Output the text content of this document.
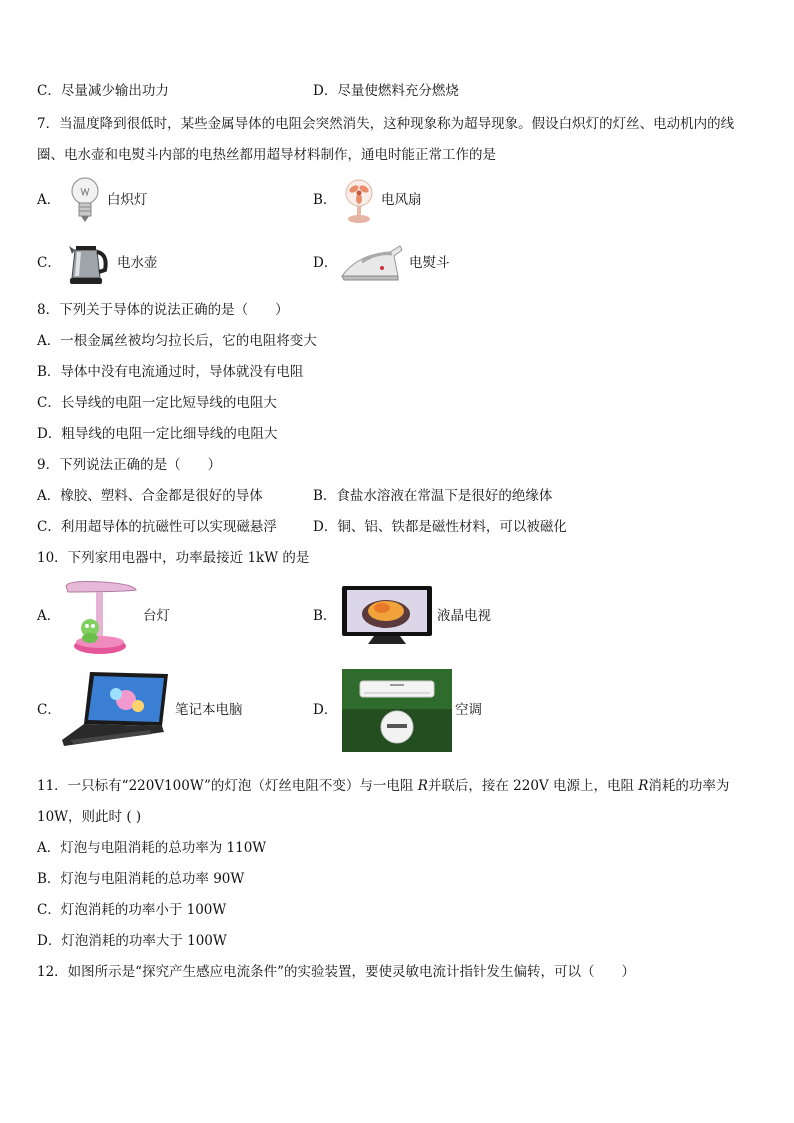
C．尽量减少输出功力	D．尽量使燃料充分燃烧
7．当温度降到很低时，某些金属导体的电阻会突然消失，这种现象称为超导现象。假设白炽灯的灯丝、电动机内的线
圈、电水壶和电熨斗内部的电热丝都用超导材料制作，通电时能正常工作的是
A．	白炽灯	B．	电风扇
C．	电水壶	D．	电熨斗
8．下列关于导体的说法正确的是（　　）
A．一根金属丝被均匀拉长后，它的电阻将变大
B．导体中没有电流通过时，导体就没有电阻
C．长导线的电阻一定比短导线的电阻大
D．粗导线的电阻一定比细导线的电阻大
9．下列说法正确的是（　　）
A．橡胶、塑料、合金都是很好的导体	B．食盐水溶液在常温下是很好的绝缘体
C．利用超导体的抗磁性可以实现磁悬浮	D．铜、铝、铁都是磁性材料，可以被磁化
10．下列家用电器中，功率最接近 1kW 的是
A．	台灯	B．	液晶电视
C．	笔记本电脑	D．	空调
11．一只标有“220V100W”的灯泡（灯丝电阻不变）与一电阻 R并联后，接在 220V 电源上，电阻 R消耗的功率为
10W，则此时 ( )
A．灯泡与电阻消耗的总功率为 110W
B．灯泡与电阻消耗的总功率 90W
C．灯泡消耗的功率小于 100W
D．灯泡消耗的功率大于 100W
12．如图所示是“探究产生感应电流条件”的实验装置，要使灵敏电流计指针发生偏转，可以（　　）
